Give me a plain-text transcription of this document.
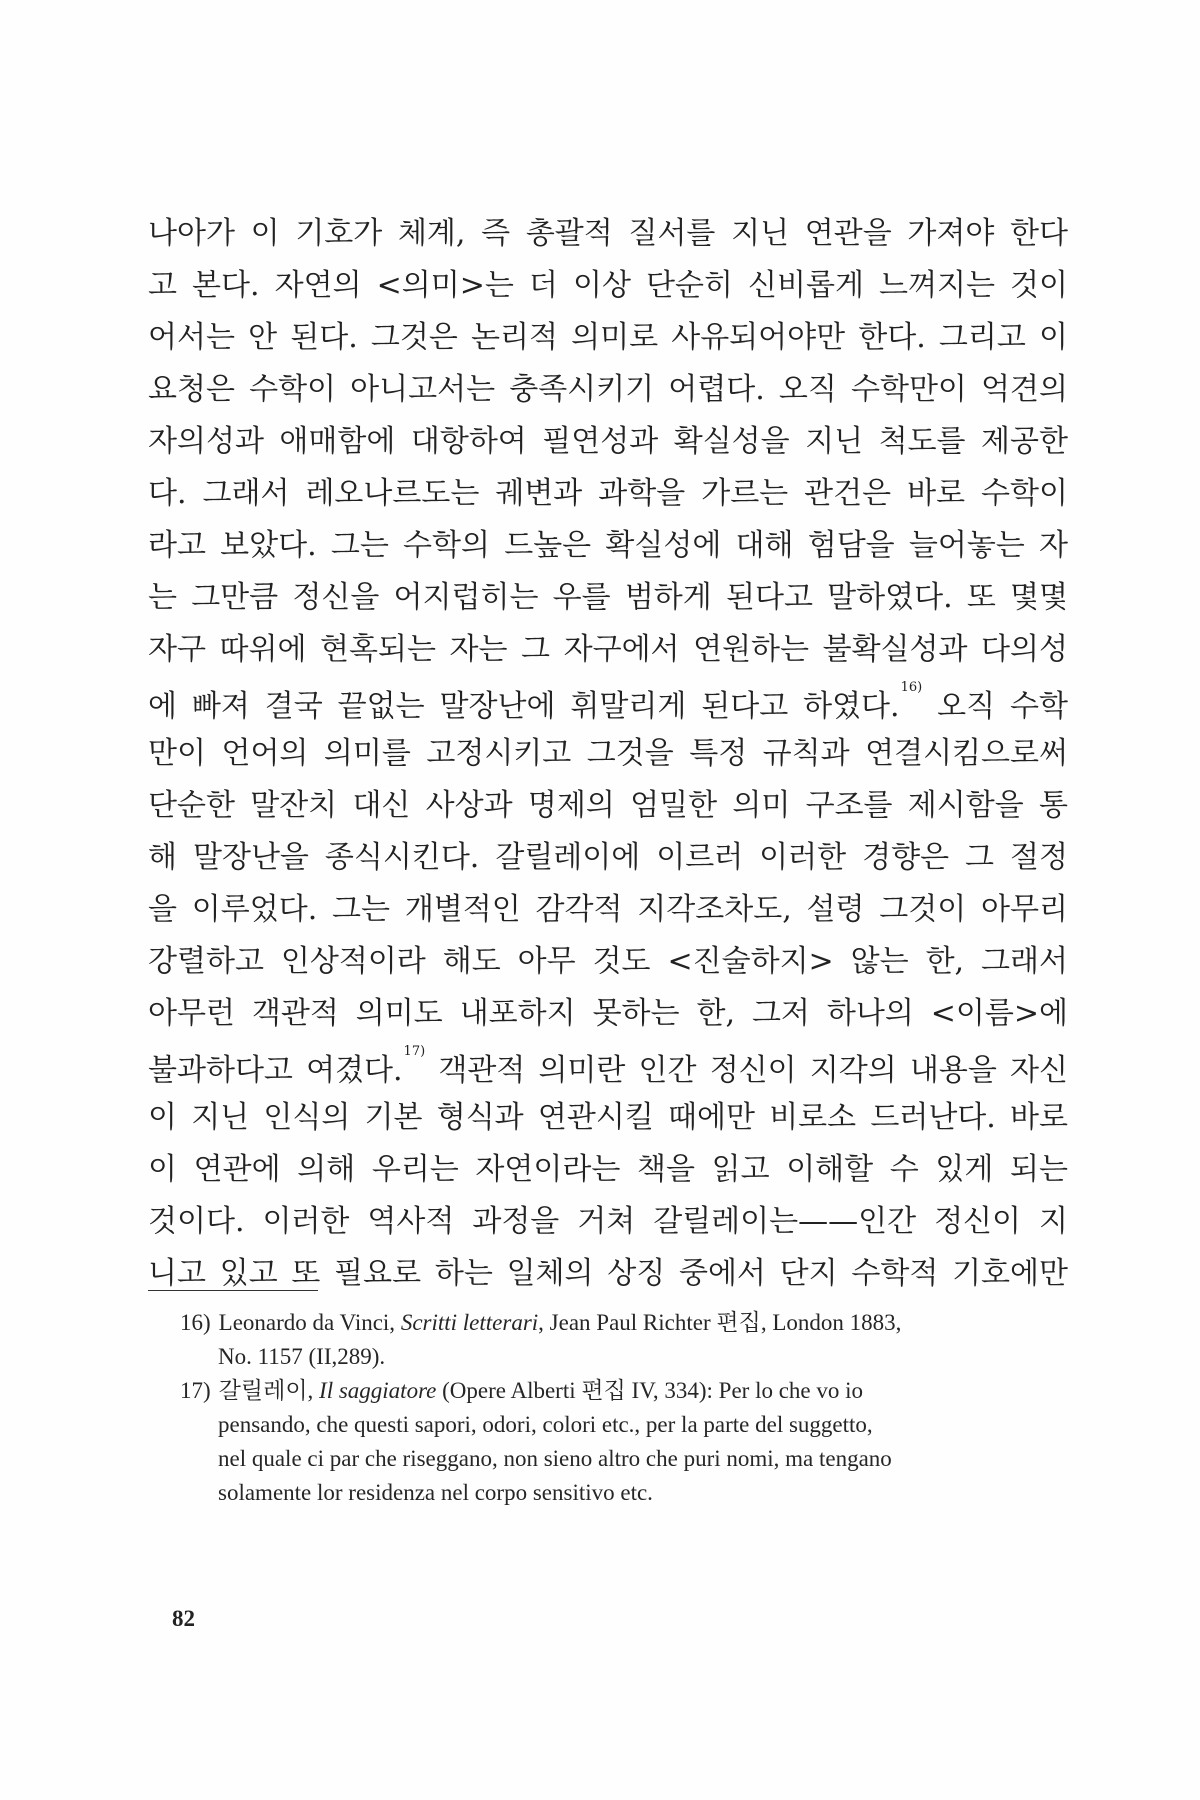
나아가 이 기호가 체계, 즉 총괄적 질서를 지닌 연관을 가져야 한다
고 본다. 자연의 <의미>는 더 이상 단순히 신비롭게 느껴지는 것이
어서는 안 된다. 그것은 논리적 의미로 사유되어야만 한다. 그리고 이
요청은 수학이 아니고서는 충족시키기 어렵다. 오직 수학만이 억견의
자의성과 애매함에 대항하여 필연성과 확실성을 지닌 척도를 제공한
다. 그래서 레오나르도는 궤변과 과학을 가르는 관건은 바로 수학이
라고 보았다. 그는 수학의 드높은 확실성에 대해 험담을 늘어놓는 자
는 그만큼 정신을 어지럽히는 우를 범하게 된다고 말하였다. 또 몇몇
자구 따위에 현혹되는 자는 그 자구에서 연원하는 불확실성과 다의성
에 빠져 결국 끝없는 말장난에 휘말리게 된다고 하였다.$^{16)}$ 오직 수학
만이 언어의 의미를 고정시키고 그것을 특정 규칙과 연결시킴으로써
단순한 말잔치 대신 사상과 명제의 엄밀한 의미 구조를 제시함을 통
해 말장난을 종식시킨다. 갈릴레이에 이르러 이러한 경향은 그 절정
을 이루었다. 그는 개별적인 감각적 지각조차도, 설령 그것이 아무리
강렬하고 인상적이라 해도 아무 것도 <진술하지> 않는 한, 그래서
아무런 객관적 의미도 내포하지 못하는 한, 그저 하나의 <이름>에
불과하다고 여겼다.$^{17)}$ 객관적 의미란 인간 정신이 지각의 내용을 자신
이 지닌 인식의 기본 형식과 연관시킬 때에만 비로소 드러난다. 바로
이 연관에 의해 우리는 자연이라는 책을 읽고 이해할 수 있게 되는
것이다. 이러한 역사적 과정을 거쳐 갈릴레이는——인간 정신이 지
니고 있고 또 필요로 하는 일체의 상징 중에서 단지 수학적 기호에만
16) Leonardo da Vinci, Scritti letterari, Jean Paul Richter 편집, London 1883,
No. 1157 (II,289).
17) 갈릴레이, Il saggiatore (Opere Alberti 편집 IV, 334): Per lo che vo io
pensando, che questi sapori, odori, colori etc., per la parte del suggetto,
nel quale ci par che riseggano, non sieno altro che puri nomi, ma tengano
solamente lor residenza nel corpo sensitivo etc.
82
